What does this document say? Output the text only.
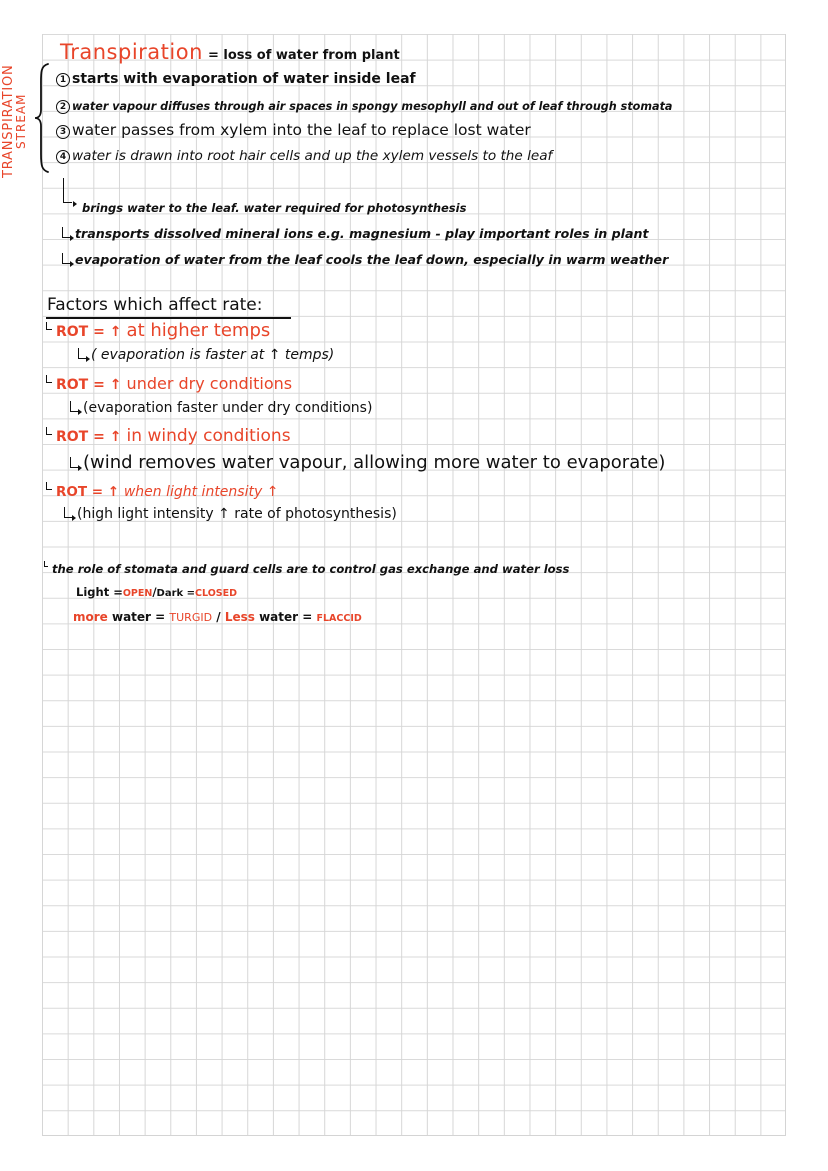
TRANSPIRATION
STREAM
Transpiration = loss of water from plant
1 starts with evaporation of water inside leaf
2 water vapour diffuses through air spaces in spongy mesophyll and out of leaf through stomata
3 water passes from xylem into the leaf to replace lost water
4 water is drawn into root hair cells and up the xylem vessels to the leaf
brings water to the leaf. water required for photosynthesis
transports dissolved mineral ions e.g. magnesium - play important roles in plant
evaporation of water from the leaf cools the leaf down, especially in warm weather
Factors which affect rate:
ROT = ↑ at higher temps
( evaporation is faster at ↑ temps)
ROT = ↑ under dry conditions
(evaporation faster under dry conditions)
ROT = ↑ in windy conditions
(wind removes water vapour, allowing more water to evaporate)
ROT = ↑ when light intensity ↑
(high light intensity ↑ rate of photosynthesis)
the role of stomata and guard cells are to control gas exchange and water loss
Light =OPEN/Dark =CLOSED
more water = TURGID / Less water = FLACCID
